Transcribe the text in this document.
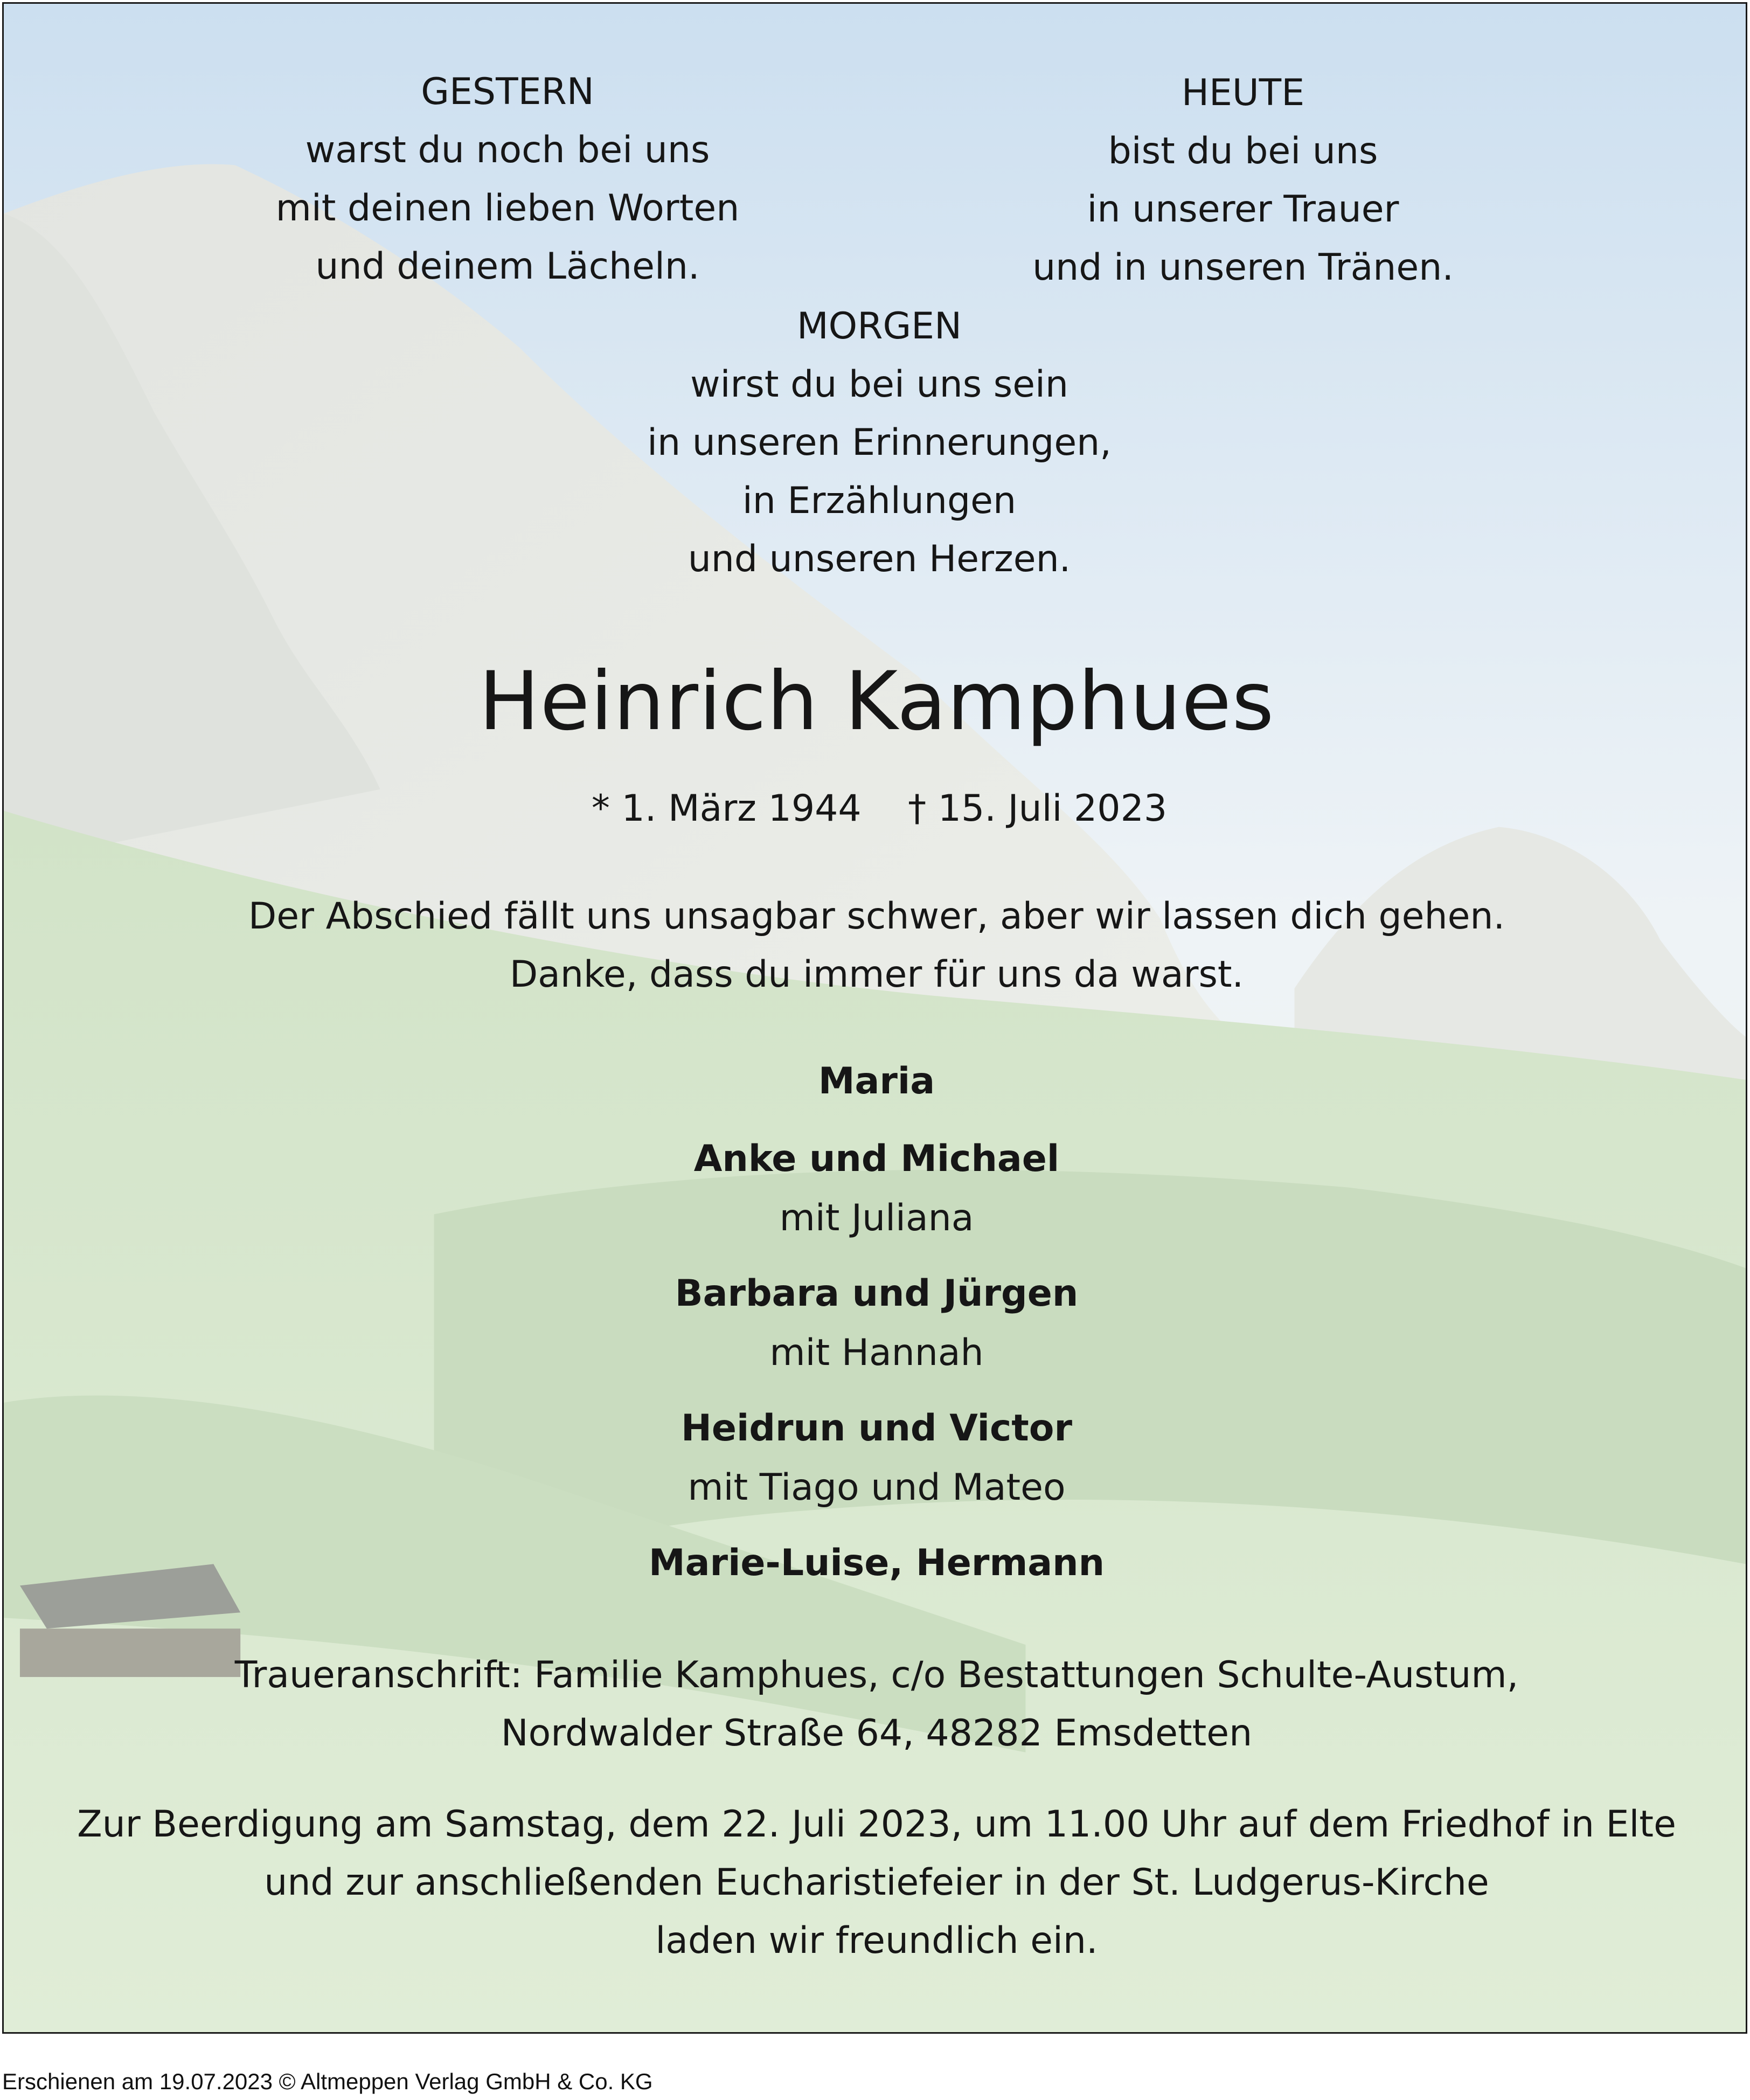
GESTERN
warst du noch bei uns
mit deinen lieben Worten
und deinem Lächeln.
HEUTE
bist du bei uns
in unserer Trauer
und in unseren Tränen.
MORGEN
wirst du bei uns sein
in unseren Erinnerungen,
in Erzählungen
und unseren Herzen.
Heinrich Kamphues
* 1. März 1944    † 15. Juli 2023
Der Abschied fällt uns unsagbar schwer, aber wir lassen dich gehen.
Danke, dass du immer für uns da warst.
Maria
Anke und Michael
mit Juliana
Barbara und Jürgen
mit Hannah
Heidrun und Victor
mit Tiago und Mateo
Marie-Luise, Hermann
Traueranschrift: Familie Kamphues, c/o Bestattungen Schulte-Austum,
Nordwalder Straße 64, 48282 Emsdetten
Zur Beerdigung am Samstag, dem 22. Juli 2023, um 11.00 Uhr auf dem Friedhof in Elte
und zur anschließenden Eucharistiefeier in der St. Ludgerus-Kirche
laden wir freundlich ein.
Erschienen am 19.07.2023 © Altmeppen Verlag GmbH & Co. KG
